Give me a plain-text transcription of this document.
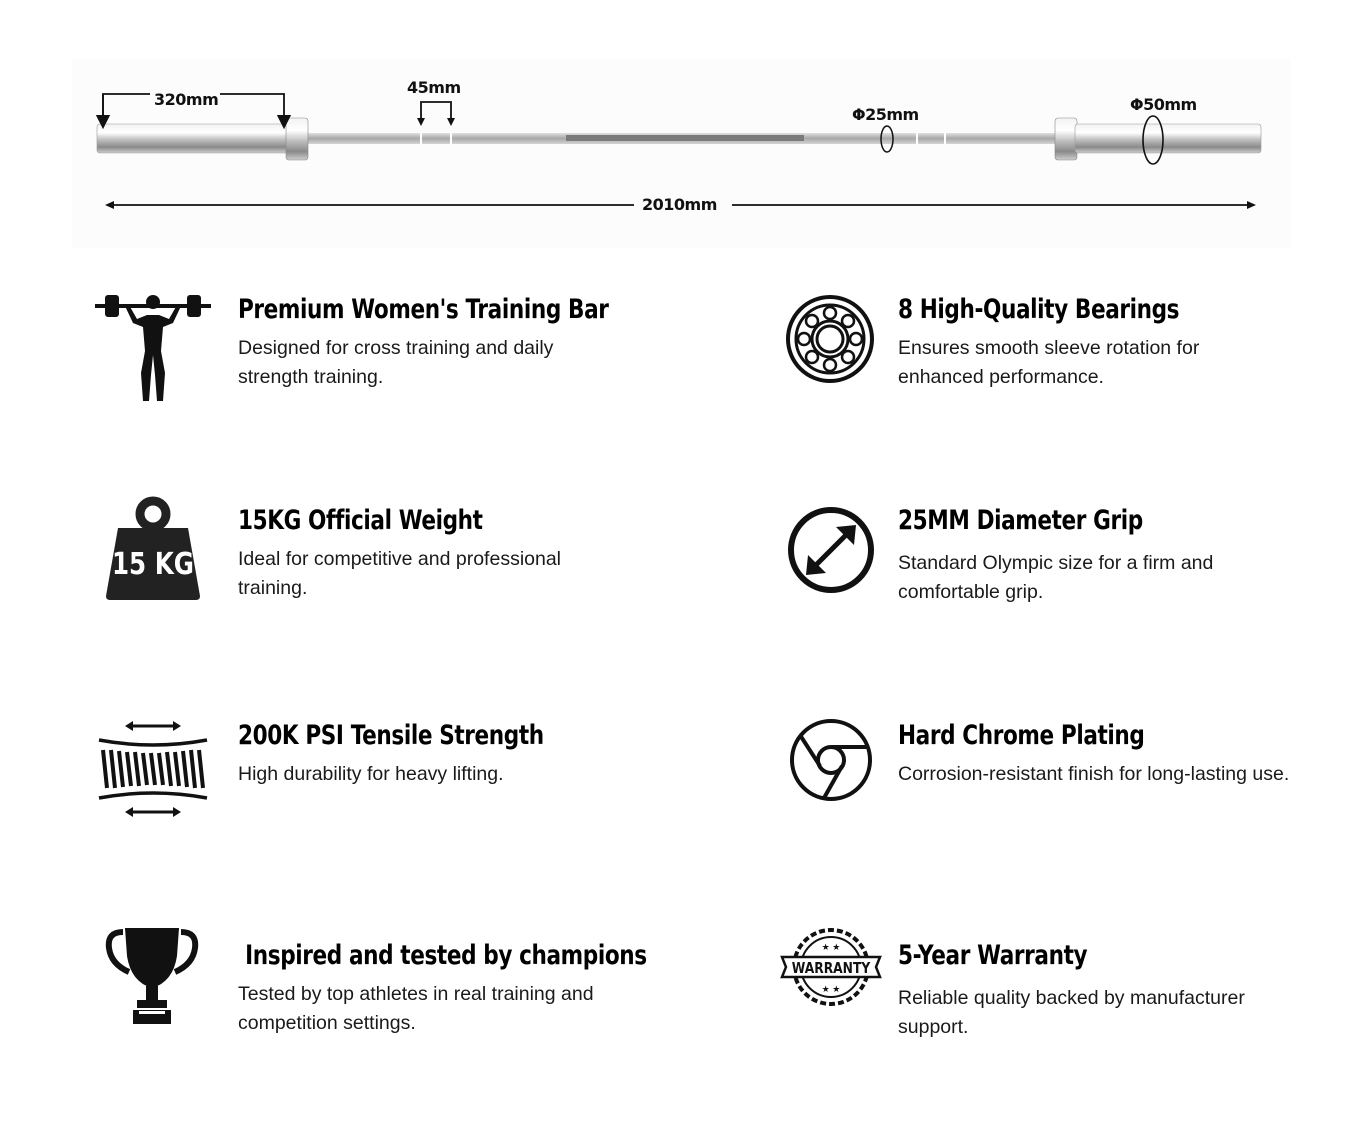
320mm
45mm
Φ25mm
Φ50mm
2010mm
Premium Women's Training Bar
Designed for cross training and daily strength training.
8 High-Quality Bearings
Ensures smooth sleeve rotation for enhanced performance.
15 KG
15KG Official Weight
Ideal for competitive and professional training.
25MM Diameter Grip
Standard Olympic size for a firm and comfortable grip.
200K PSI Tensile Strength
High durability for heavy lifting.
Hard Chrome Plating
Corrosion-resistant finish for long-lasting use.
Inspired and tested by champions
Tested by top athletes in real training and competition settings.
WARRANTY
★ ★
★ ★
5-Year Warranty
Reliable quality backed by manufacturer support.
